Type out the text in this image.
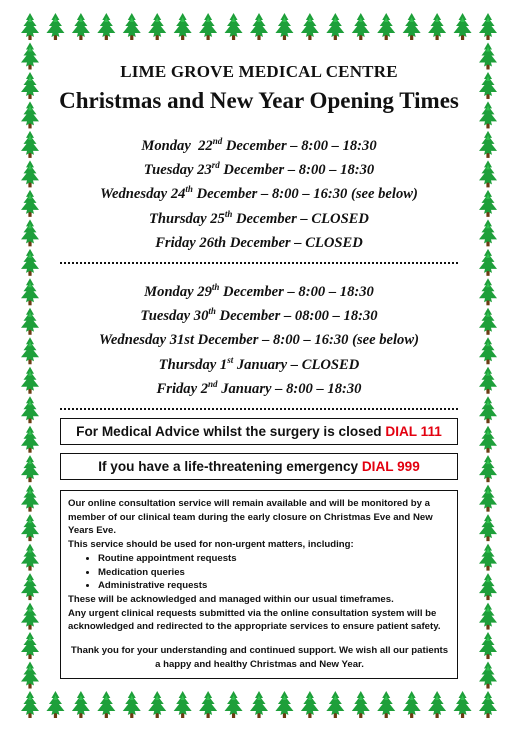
LIME GROVE MEDICAL CENTRE
Christmas and New Year Opening Times
Monday 22nd December – 8:00 – 18:30
Tuesday 23rd December – 8:00 – 18:30
Wednesday 24th December – 8:00 – 16:30 (see below)
Thursday 25th December – CLOSED
Friday 26th December – CLOSED
Monday 29th December – 8:00 – 18:30
Tuesday 30th December – 08:00 – 18:30
Wednesday 31st December – 8:00 – 16:30 (see below)
Thursday 1st January – CLOSED
Friday 2nd January – 8:00 – 18:30
For Medical Advice whilst the surgery is closed DIAL 111
If you have a life-threatening emergency DIAL 999

Our online consultation service will remain available and will be monitored by a member of our clinical team during the early closure on Christmas Eve and New Years Eve.

This service should be used for non-urgent matters, including:

• Routine appointment requests
• Medication queries
• Administrative requests

These will be acknowledged and managed within our usual timeframes.

Any urgent clinical requests submitted via the online consultation system will be acknowledged and redirected to the appropriate services to ensure patient safety.

Thank you for your understanding and continued support. We wish all our patients a happy and healthy Christmas and New Year.
